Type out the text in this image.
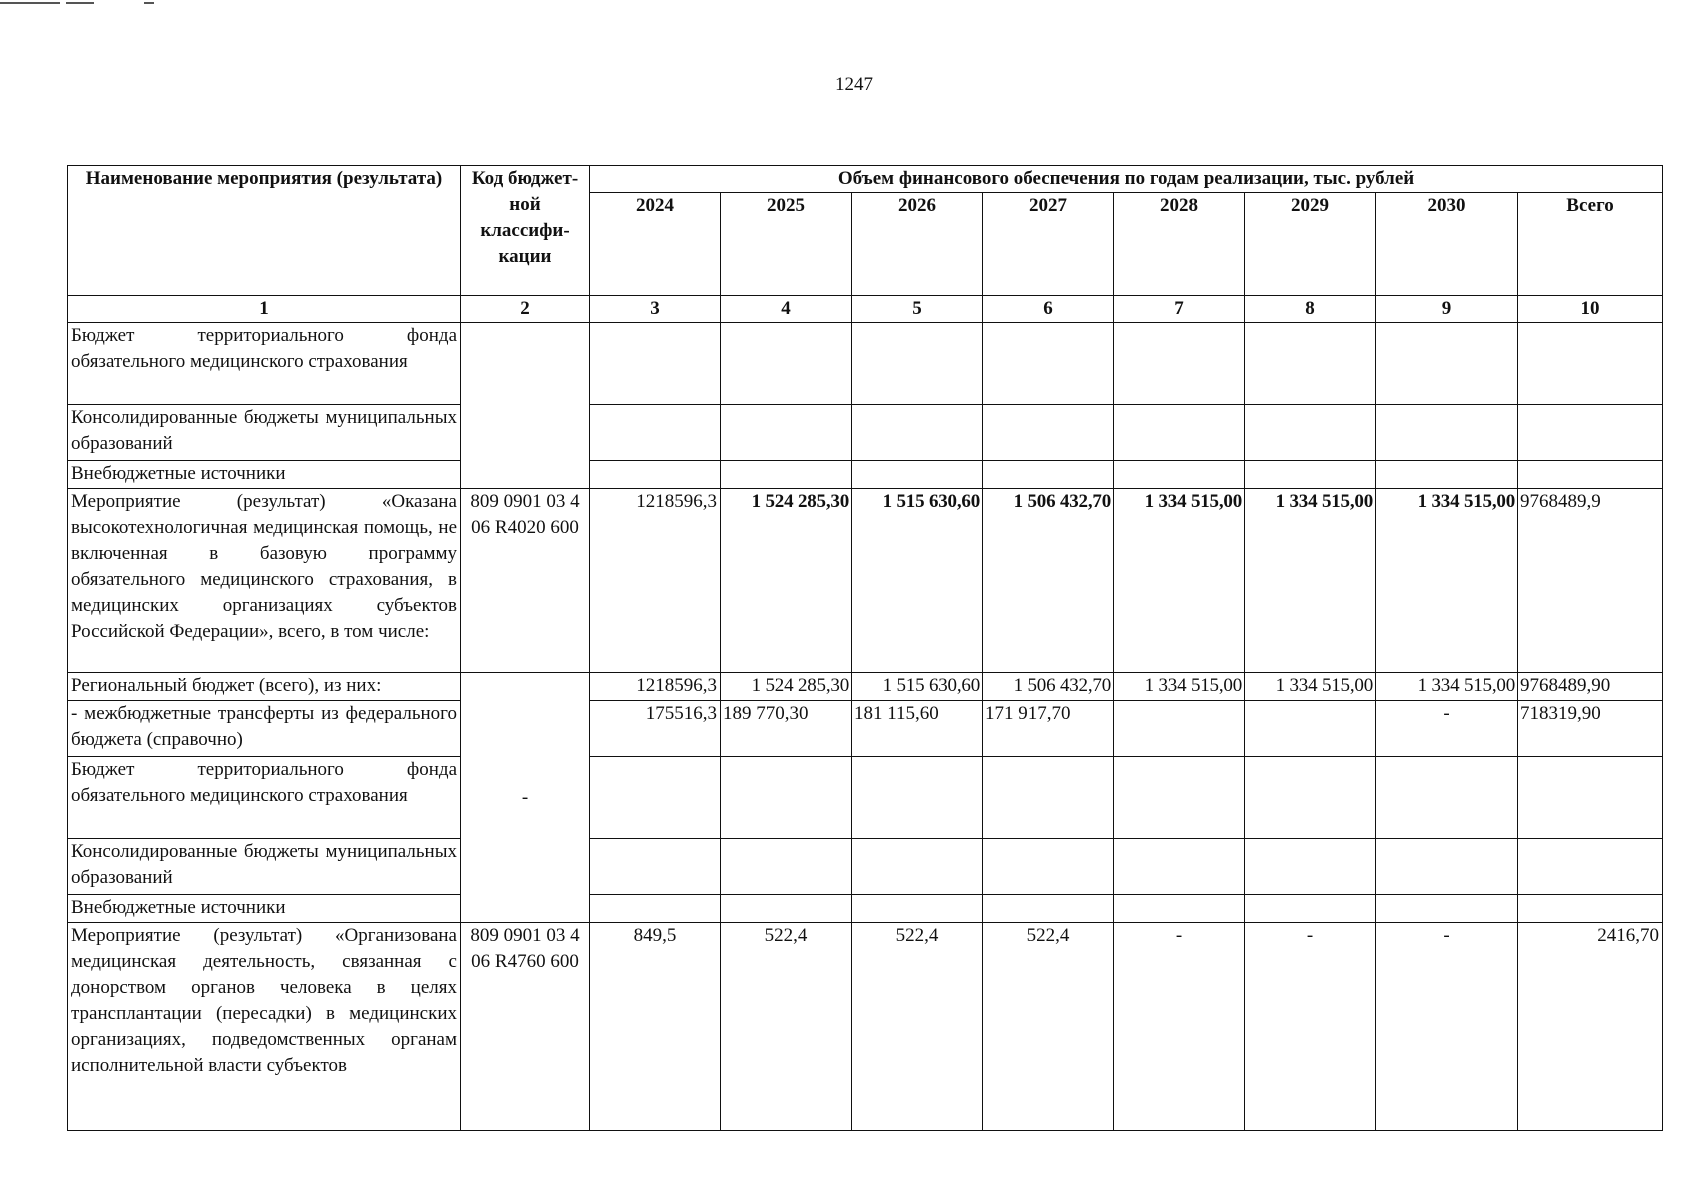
1247
Наименование мероприятия (результата)	Код бюджет-ной классифи-кации	Объем финансового обеспечения по годам реализации, тыс. рублей							
		2024	2025	2026	2027	2028	2029	2030	Всего
1	2	3	4	5	6	7	8	9	10
Бюджет территориального фонда обязательного медицинского страхования									
Консолидированные бюджеты муниципальных образований									
Внебюджетные источники									
Мероприятие (результат) «Оказана высокотехнологичная медицинская помощь, не включенная в базовую программу обязательного медицинского страхования, в медицинских организациях субъектов Российской Федерации», всего, в том числе:	809 0901 03 4 06 R4020 600	1218596,3	1 524 285,30	1 515 630,60	1 506 432,70	1 334 515,00	1 334 515,00	1 334 515,00	9768489,9
Региональный бюджет (всего), из них:	-	1218596,3	1 524 285,30	1 515 630,60	1 506 432,70	1 334 515,00	1 334 515,00	1 334 515,00	9768489,90
- межбюджетные трансферты из федерального бюджета (справочно)		175516,3	189 770,30	181 115,60	171 917,70			-	718319,90
Бюджет территориального фонда обязательного медицинского страхования									
Консолидированные бюджеты муниципальных образований									
Внебюджетные источники									
Мероприятие (результат) «Организована медицинская деятельность, связанная с донорством органов человека в целях трансплантации (пересадки) в медицинских организациях, подведомственных органам исполнительной власти субъектов	809 0901 03 4 06 R4760 600	849,5	522,4	522,4	522,4	-	-	-	2416,70
